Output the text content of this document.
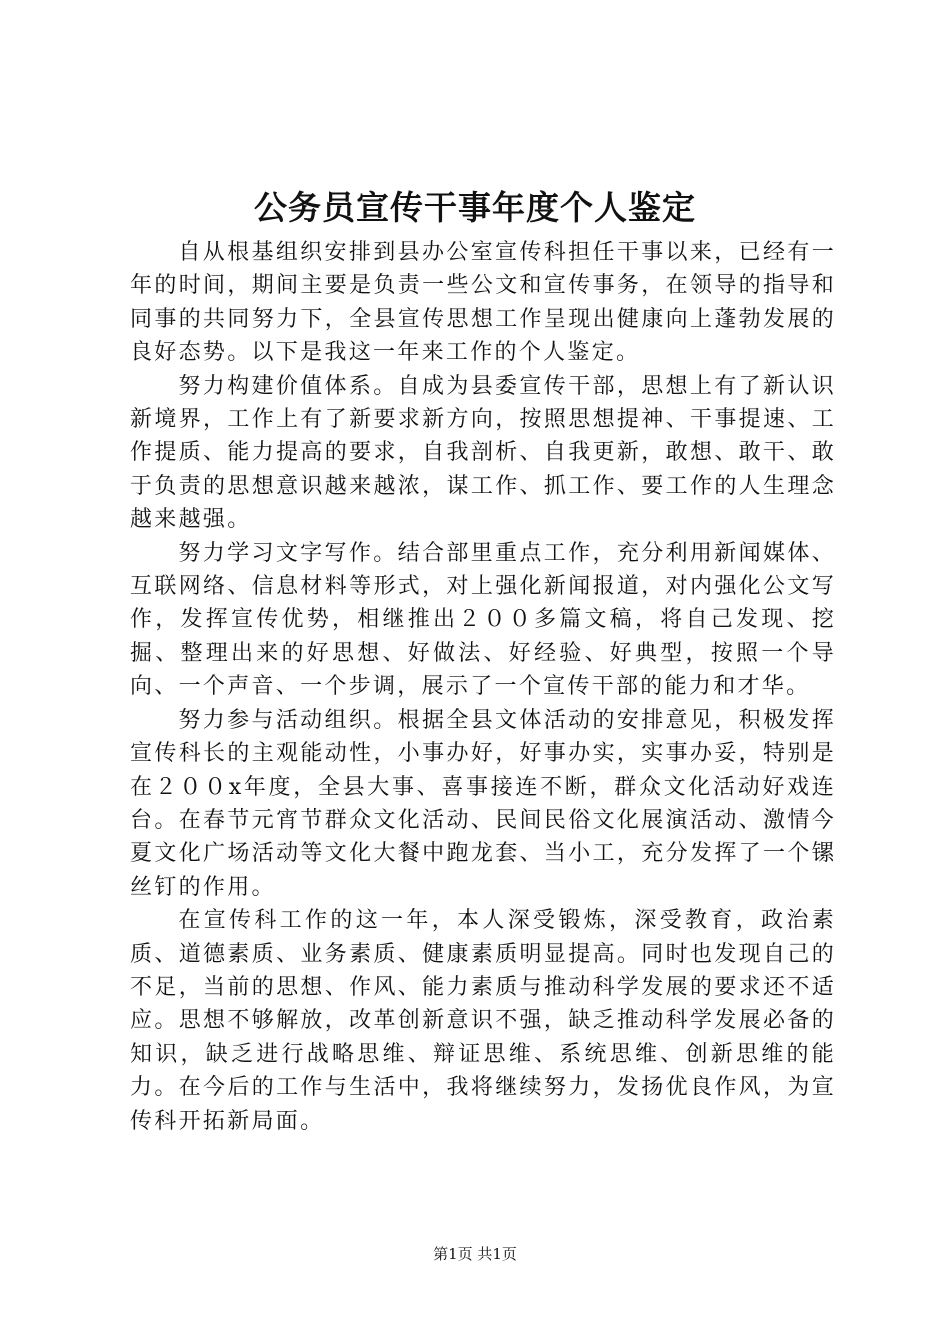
公务员宣传干事年度个人鉴定

自从根基组织安排到县办公室宣传科担任干事以来，已经有一年的时间，期间主要是负责一些公文和宣传事务，在领导的指导和同事的共同努力下，全县宣传思想工作呈现出健康向上蓬勃发展的良好态势。以下是我这一年来工作的个人鉴定。

努力构建价值体系。自成为县委宣传干部，思想上有了新认识新境界，工作上有了新要求新方向，按照思想提神、干事提速、工作提质、能力提高的要求，自我剖析、自我更新，敢想、敢干、敢于负责的思想意识越来越浓，谋工作、抓工作、要工作的人生理念越来越强。

努力学习文字写作。结合部里重点工作，充分利用新闻媒体、互联网络、信息材料等形式，对上强化新闻报道，对内强化公文写作，发挥宣传优势，相继推出２００多篇文稿，将自己发现、挖掘、整理出来的好思想、好做法、好经验、好典型，按照一个导向、一个声音、一个步调，展示了一个宣传干部的能力和才华。

努力参与活动组织。根据全县文体活动的安排意见，积极发挥宣传科长的主观能动性，小事办好，好事办实，实事办妥，特别是在２００x年度，全县大事、喜事接连不断，群众文化活动好戏连台。在春节元宵节群众文化活动、民间民俗文化展演活动、激情今夏文化广场活动等文化大餐中跑龙套、当小工，充分发挥了一个镙丝钉的作用。

在宣传科工作的这一年，本人深受锻炼，深受教育，政治素质、道德素质、业务素质、健康素质明显提高。同时也发现自己的不足，当前的思想、作风、能力素质与推动科学发展的要求还不适应。思想不够解放，改革创新意识不强，缺乏推动科学发展必备的知识，缺乏进行战略思维、辩证思维、系统思维、创新思维的能力。在今后的工作与生活中，我将继续努力，发扬优良作风，为宣传科开拓新局面。

第1页 共1页
